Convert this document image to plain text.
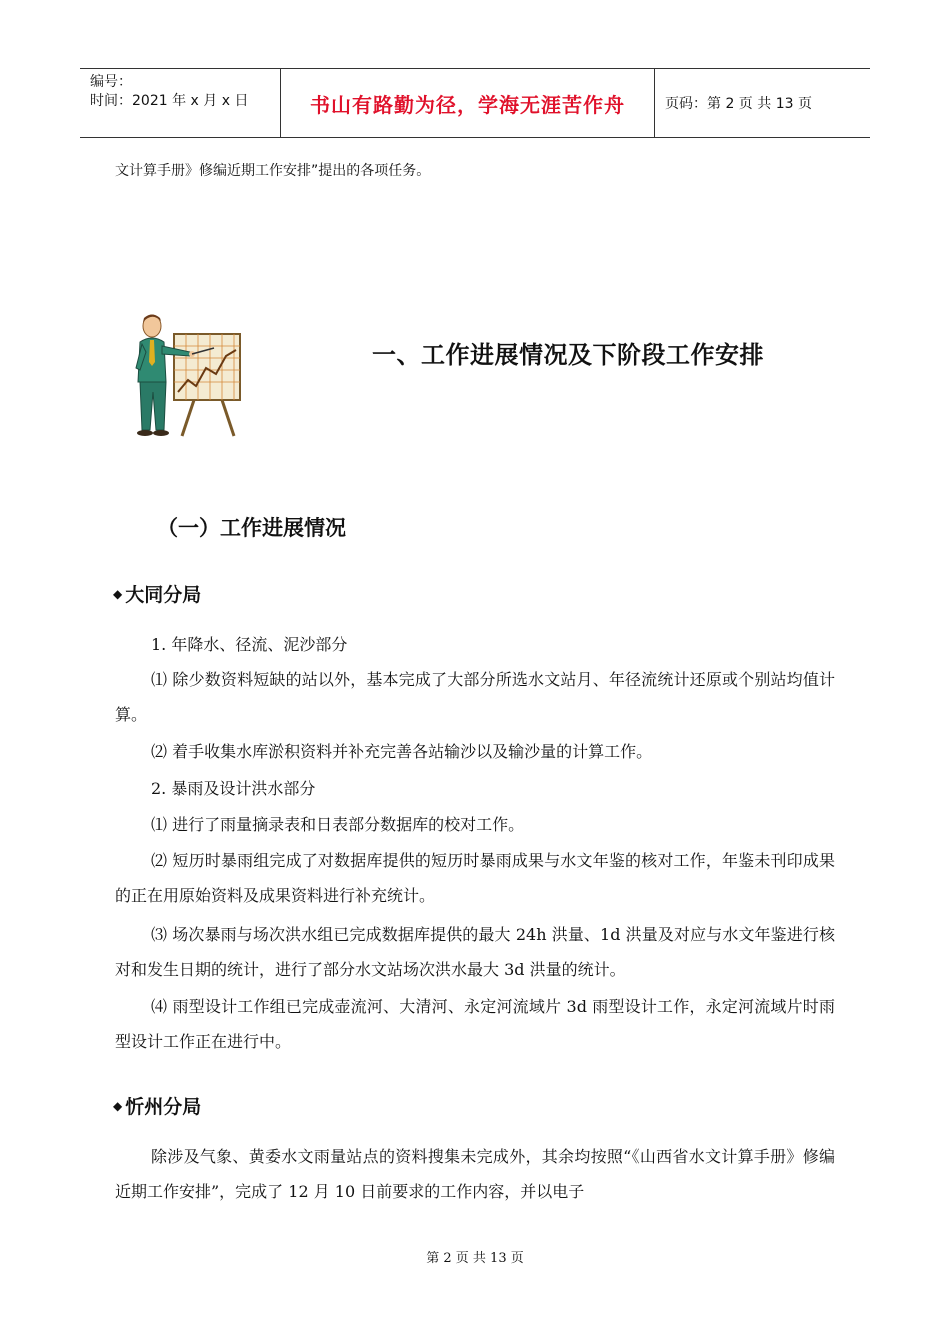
编号：
时间：2021 年 x 月 x 日	书山有路勤为径，学海无涯苦作舟	页码：第 2 页 共 13 页
文计算手册》修编近期工作安排”提出的各项任务。
一、工作进展情况及下阶段工作安排
（一）工作进展情况
◆ 大同分局

1. 年降水、径流、泥沙部分

⑴ 除少数资料短缺的站以外，基本完成了大部分所选水文站月、年径流统计还原或个别站均值计算。

⑵ 着手收集水库淤积资料并补充完善各站输沙以及输沙量的计算工作。

2. 暴雨及设计洪水部分

⑴ 进行了雨量摘录表和日表部分数据库的校对工作。

⑵ 短历时暴雨组完成了对数据库提供的短历时暴雨成果与水文年鉴的核对工作，年鉴未刊印成果的正在用原始资料及成果资料进行补充统计。

⑶ 场次暴雨与场次洪水组已完成数据库提供的最大 24h 洪量、1d 洪量及对应与水文年鉴进行核对和发生日期的统计，进行了部分水文站场次洪水最大 3d 洪量的统计。

⑷ 雨型设计工作组已完成壶流河、大清河、永定河流域片 3d 雨型设计工作，永定河流域片时雨型设计工作正在进行中。

◆ 忻州分局

除涉及气象、黄委水文雨量站点的资料搜集未完成外，其余均按照“《山西省水文计算手册》修编近期工作安排”，完成了 12 月 10 日前要求的工作内容，并以电子

第 2 页 共 13 页
